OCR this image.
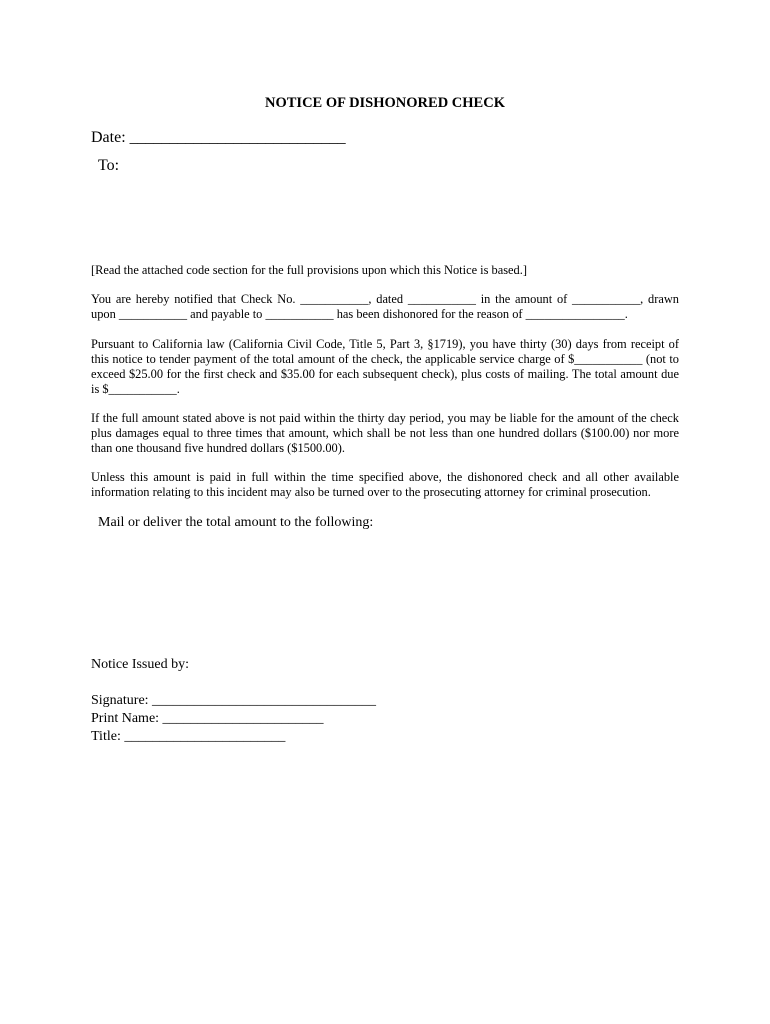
NOTICE OF DISHONORED CHECK
Date: ___________________________
To:
[Read the attached code section for the full provisions upon which this Notice is based.]
You are hereby notified that Check No. ___________, dated ___________ in the amount of ___________, drawn upon ___________ and payable to ___________ has been dishonored for the reason of ________________.
Pursuant to California law (California Civil Code, Title 5, Part 3, §1719), you have thirty (30) days from receipt of this notice to tender payment of the total amount of the check, the applicable service charge of $___________ (not to exceed $25.00 for the first check and $35.00 for each subsequent check), plus costs of mailing. The total amount due is $___________.
If the full amount stated above is not paid within the thirty day period, you may be liable for the amount of the check plus damages equal to three times that amount, which shall be not less than one hundred dollars ($100.00) nor more than one thousand five hundred dollars ($1500.00).
Unless this amount is paid in full within the time specified above, the dishonored check and all other available information relating to this incident may also be turned over to the prosecuting attorney for criminal prosecution.
Mail or deliver the total amount to the following:
Notice Issued by:
Signature: ________________________________
Print Name: _______________________
Title: _______________________
